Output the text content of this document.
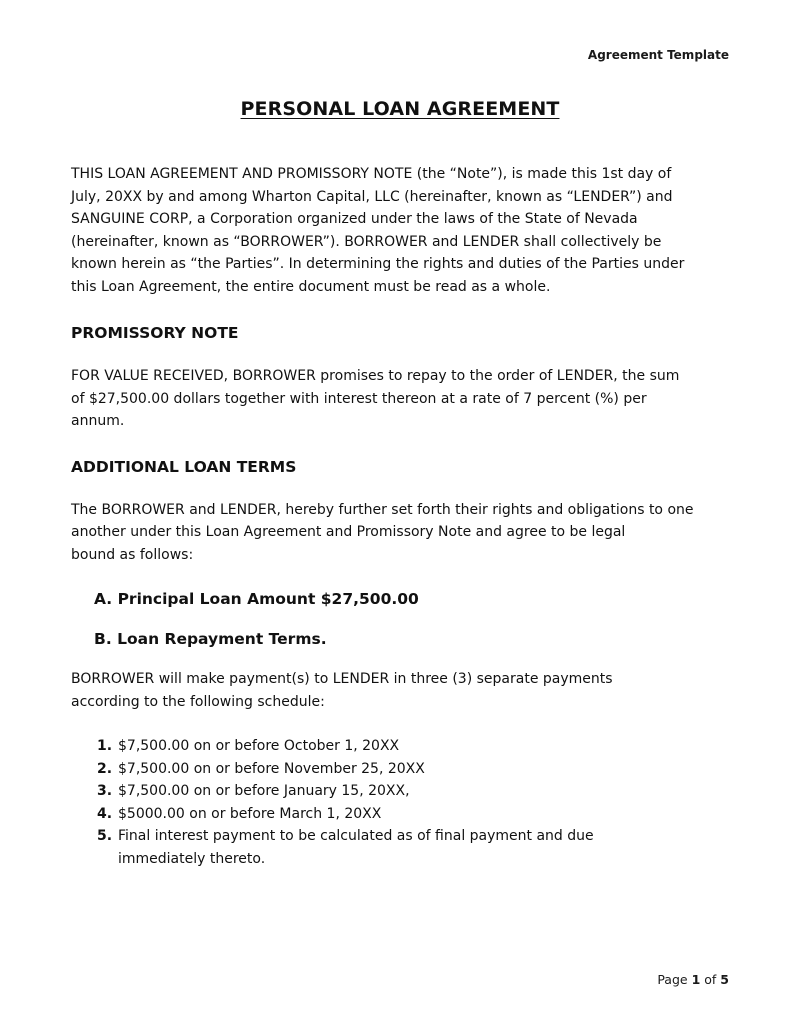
Agreement Template
PERSONAL LOAN AGREEMENT

THIS LOAN AGREEMENT AND PROMISSORY NOTE (the “Note”), is made this 1st day of
July, 20XX by and among Wharton Capital, LLC (hereinafter, known as “LENDER”) and
SANGUINE CORP, a Corporation organized under the laws of the State of Nevada
(hereinafter, known as “BORROWER”). BORROWER and LENDER shall collectively be
known herein as “the Parties”. In determining the rights and duties of the Parties under
this Loan Agreement, the entire document must be read as a whole.

PROMISSORY NOTE

FOR VALUE RECEIVED, BORROWER promises to repay to the order of LENDER, the sum
of $27,500.00 dollars together with interest thereon at a rate of 7 percent (%) per
annum.

ADDITIONAL LOAN TERMS

The BORROWER and LENDER, hereby further set forth their rights and obligations to one
another under this Loan Agreement and Promissory Note and agree to be legal
bound as follows:

A. Principal Loan Amount $27,500.00

B. Loan Repayment Terms.

BORROWER will make payment(s) to LENDER in three (3) separate payments
according to the following schedule:

1. $7,500.00 on or before October 1, 20XX
2. $7,500.00 on or before November 25, 20XX
3. $7,500.00 on or before January 15, 20XX,
4. $5000.00 on or before March 1, 20XX
5. Final interest payment to be calculated as of final payment and due
immediately thereto.
Page 1 of 5
